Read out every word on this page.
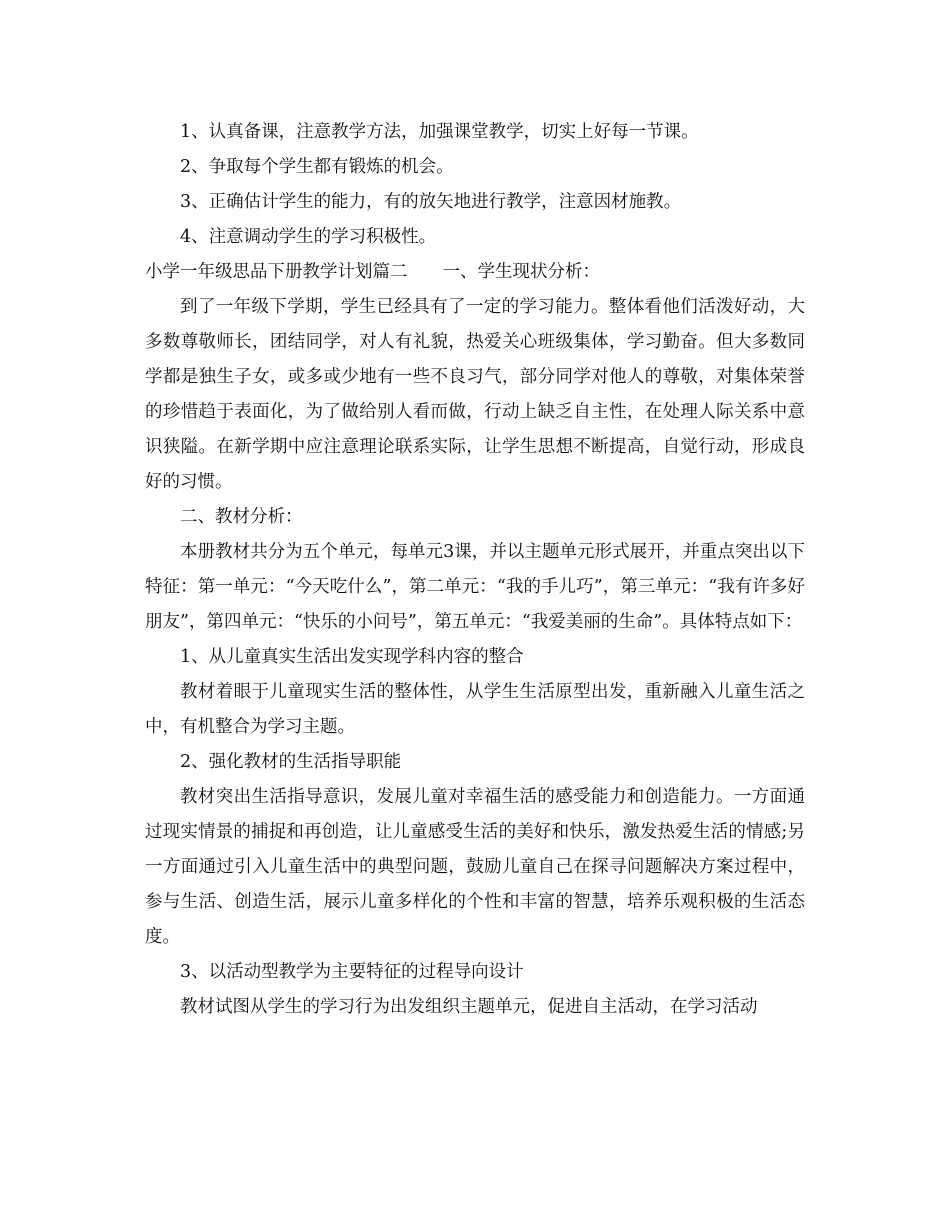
1、认真备课，注意教学方法，加强课堂教学，切实上好每一节课。

2、争取每个学生都有锻炼的机会。

3、正确估计学生的能力，有的放矢地进行教学，注意因材施教。

4、注意调动学生的学习积极性。

小学一年级思品下册教学计划篇二　　一、学生现状分析：

到了一年级下学期，学生已经具有了一定的学习能力。整体看他们活泼好动，大多数尊敬师长，团结同学，对人有礼貌，热爱关心班级集体，学习勤奋。但大多数同学都是独生子女，或多或少地有一些不良习气，部分同学对他人的尊敬，对集体荣誉的珍惜趋于表面化，为了做给别人看而做，行动上缺乏自主性，在处理人际关系中意识狭隘。在新学期中应注意理论联系实际，让学生思想不断提高，自觉行动，形成良好的习惯。

二、教材分析：

本册教材共分为五个单元，每单元3课，并以主题单元形式展开，并重点突出以下特征：第一单元：“今天吃什么”，第二单元：“我的手儿巧”，第三单元：“我有许多好朋友”，第四单元：“快乐的小问号”，第五单元：“我爱美丽的生命”。具体特点如下：

1、从儿童真实生活出发实现学科内容的整合

教材着眼于儿童现实生活的整体性，从学生生活原型出发，重新融入儿童生活之中，有机整合为学习主题。

2、强化教材的生活指导职能

教材突出生活指导意识，发展儿童对幸福生活的感受能力和创造能力。一方面通过现实情景的捕捉和再创造，让儿童感受生活的美好和快乐，激发热爱生活的情感;另一方面通过引入儿童生活中的典型问题，鼓励儿童自己在探寻问题解决方案过程中，参与生活、创造生活，展示儿童多样化的个性和丰富的智慧，培养乐观积极的生活态度。

3、以活动型教学为主要特征的过程导向设计

教材试图从学生的学习行为出发组织主题单元，促进自主活动，在学习活动
